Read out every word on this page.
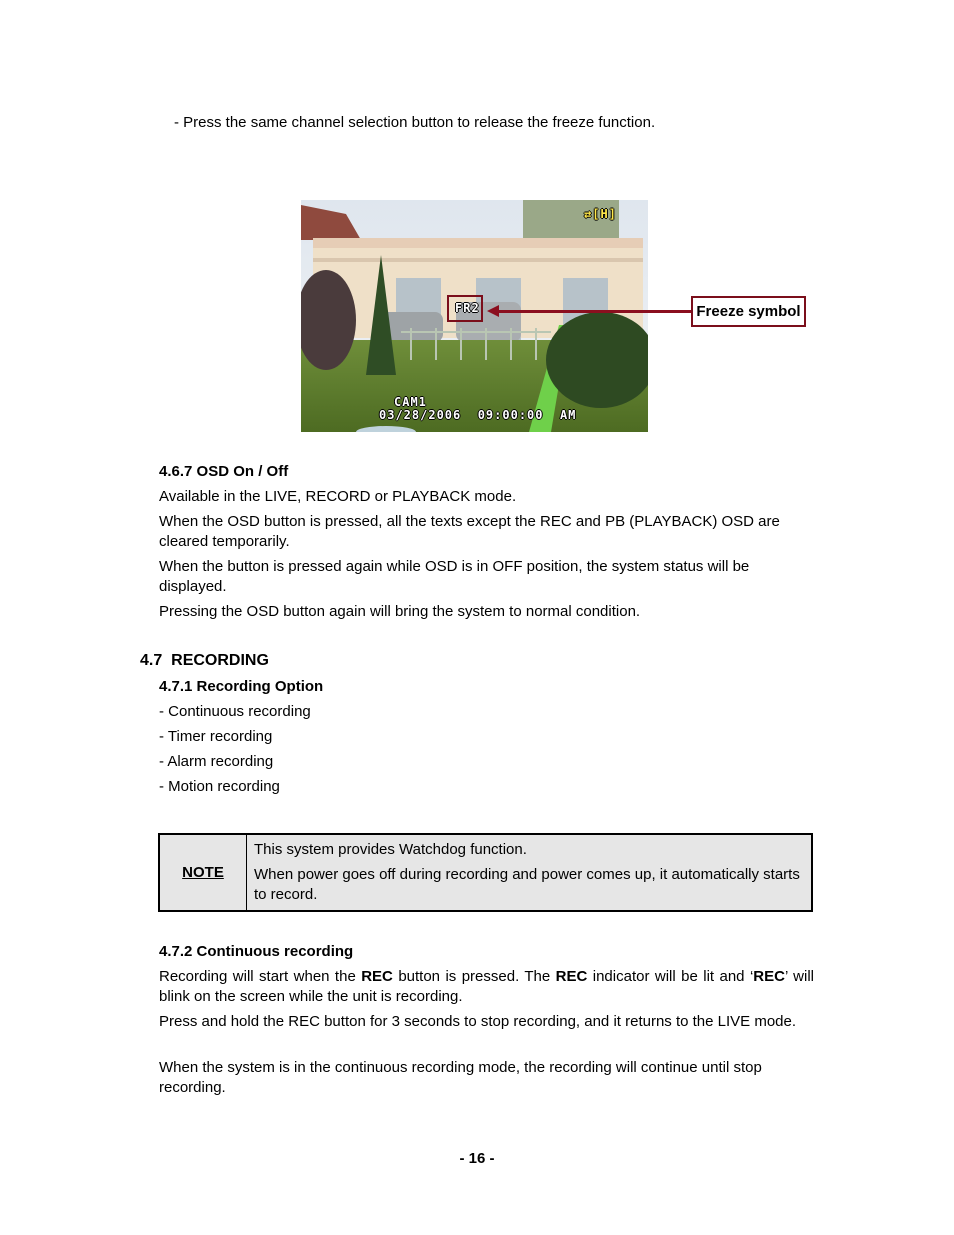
- Press the same channel selection button to release the freeze function.

⇄[H]
FR2
CAM1
03/28/2006  09:00:00  AM
Freeze symbol

4.6.7 OSD On / Off

Available in the LIVE, RECORD or PLAYBACK mode.

When the OSD button is pressed, all the texts except the REC and PB (PLAYBACK) OSD are cleared temporarily.

When the button is pressed again while OSD is in OFF position, the system status will be displayed.

Pressing the OSD button again will bring the system to normal condition.

4.7 RECORDING

4.7.1 Recording Option

- Continuous recording

- Timer recording

- Alarm recording

- Motion recording

NOTE
This system provides Watchdog function.
When power goes off during recording and power comes up, it automatically starts to record.

4.7.2 Continuous recording

Recording will start when the REC button is pressed. The REC indicator will be lit and ‘REC’ will blink on the screen while the unit is recording.

Press and hold the REC button for 3 seconds to stop recording, and it returns to the LIVE mode.

When the system is in the continuous recording mode, the recording will continue until stop recording.

- 16 -
